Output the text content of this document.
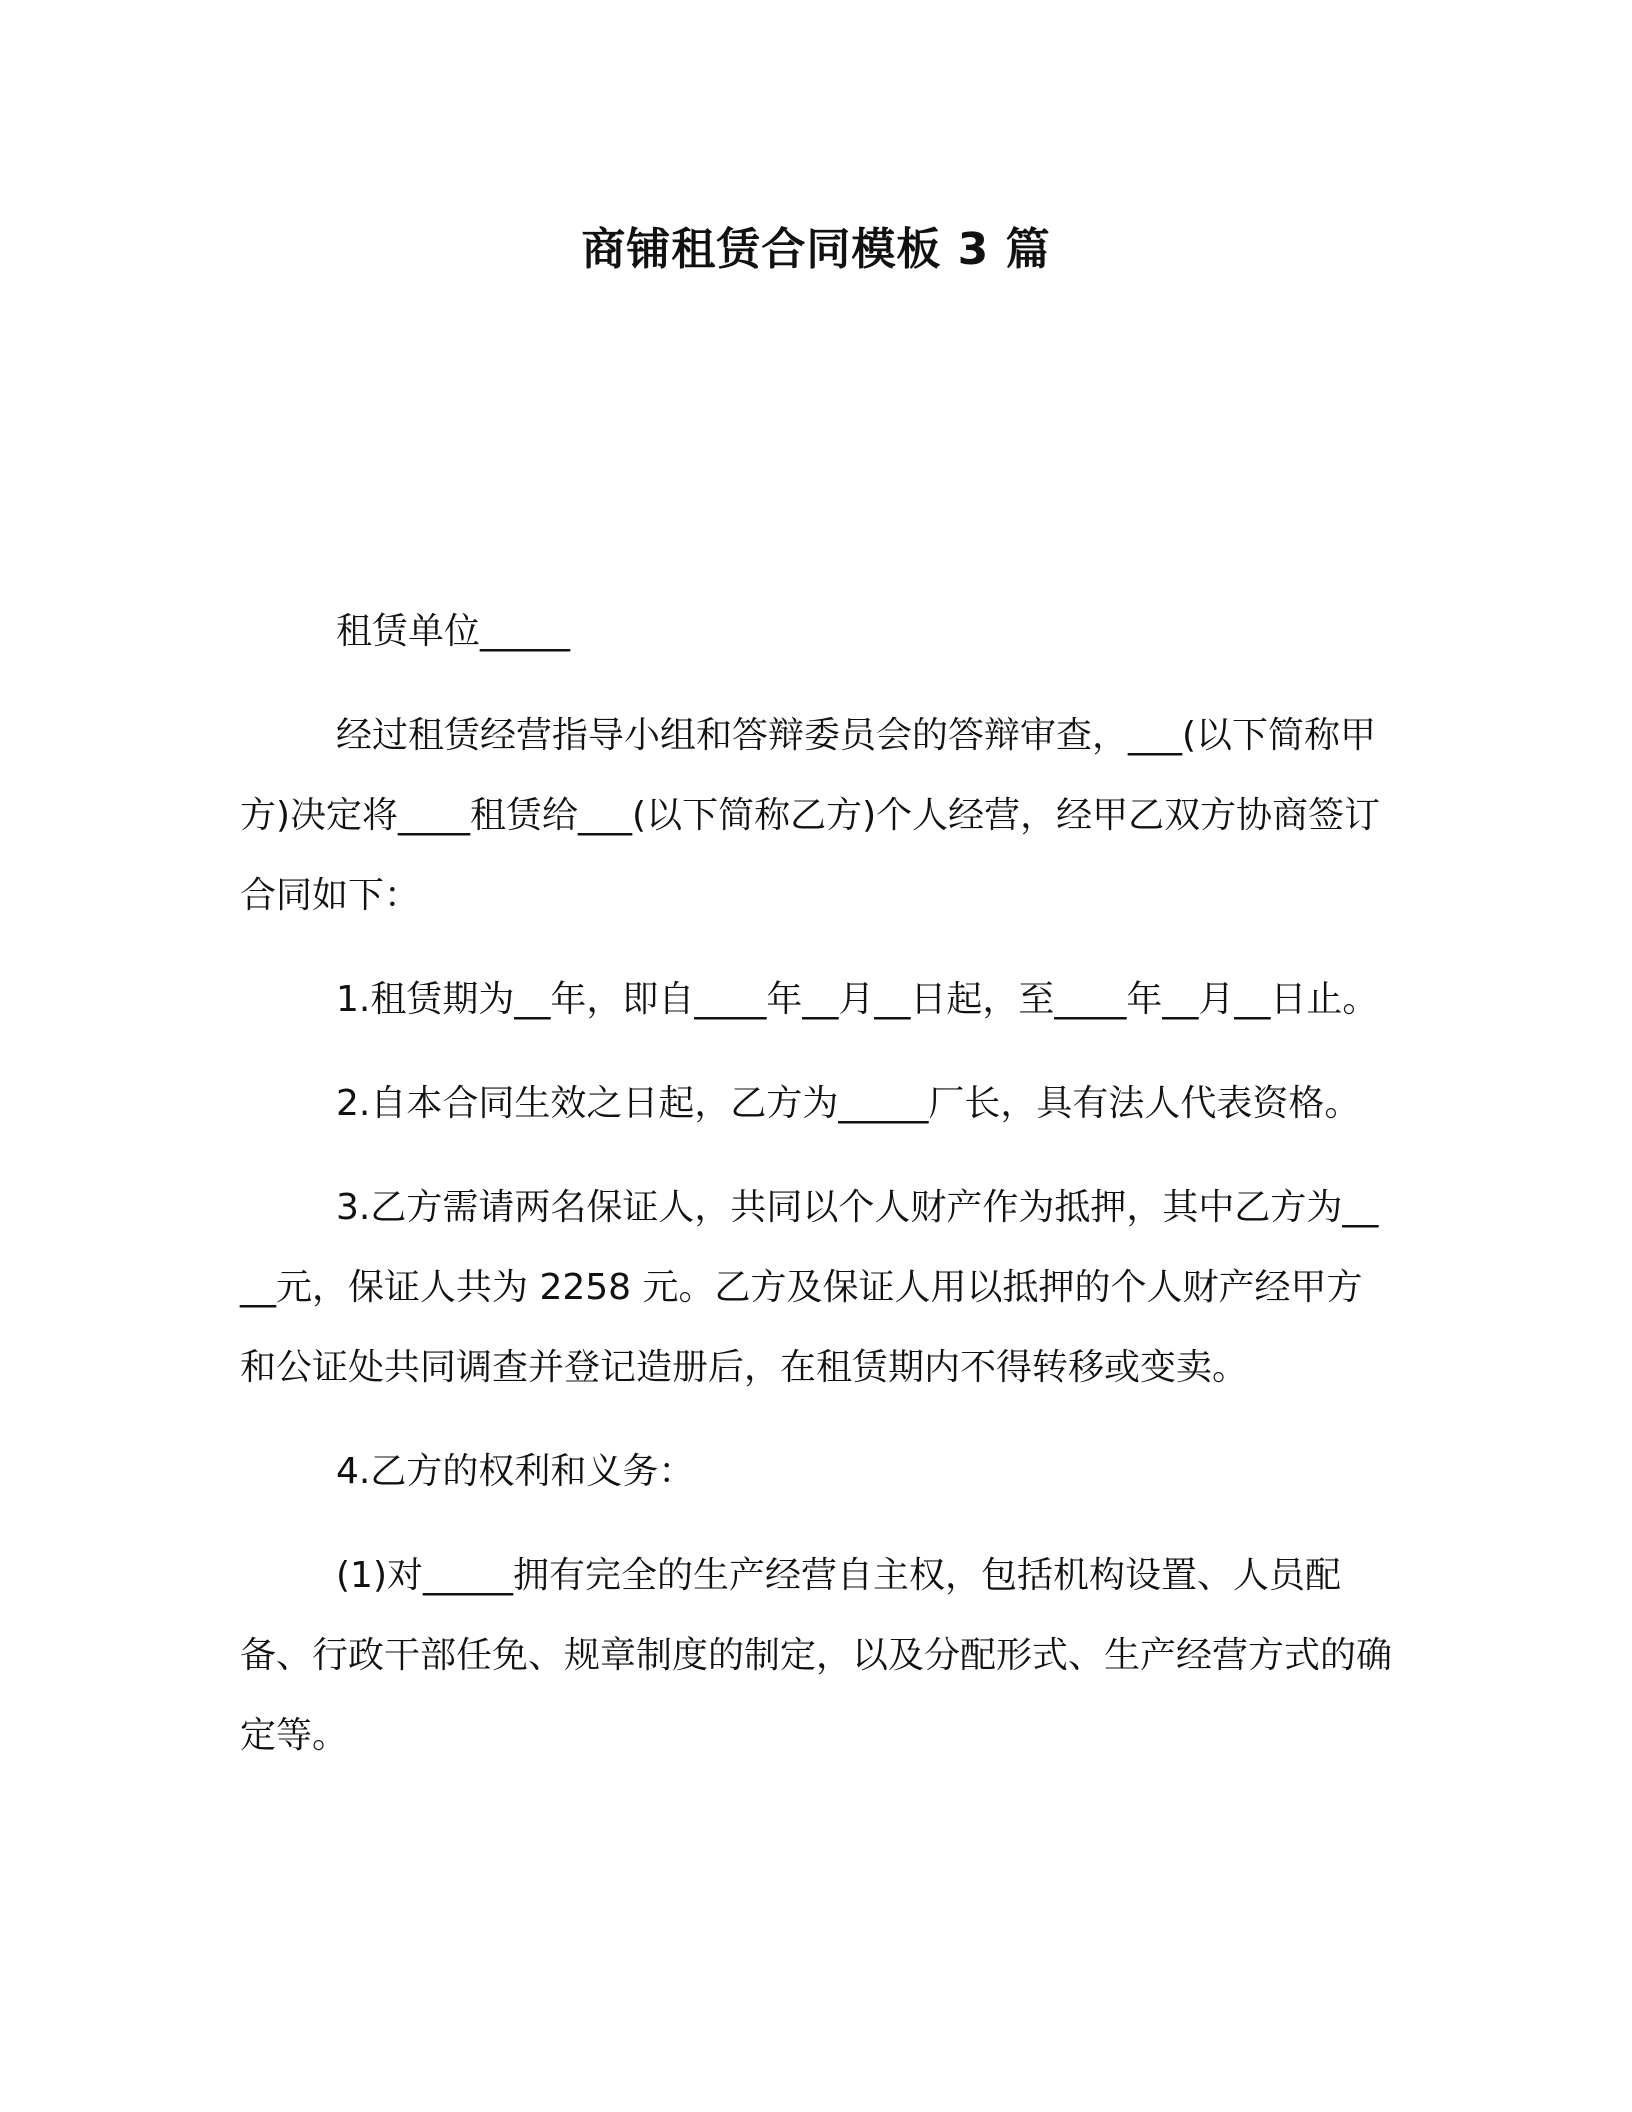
商铺租赁合同模板 3 篇

租赁单位_____

经过租赁经营指导小组和答辩委员会的答辩审查，___(以下简称甲方)决定将____租赁给___(以下简称乙方)个人经营，经甲乙双方协商签订合同如下：

1.租赁期为__年，即自____年__月__日起，至____年__月__日止。

2.自本合同生效之日起，乙方为_____厂长，具有法人代表资格。

3.乙方需请两名保证人，共同以个人财产作为抵押，其中乙方为____元，保证人共为 2258 元。乙方及保证人用以抵押的个人财产经甲方和公证处共同调查并登记造册后，在租赁期内不得转移或变卖。

4.乙方的权利和义务：

(1)对_____拥有完全的生产经营自主权，包括机构设置、人员配备、行政干部任免、规章制度的制定，以及分配形式、生产经营方式的确定等。
